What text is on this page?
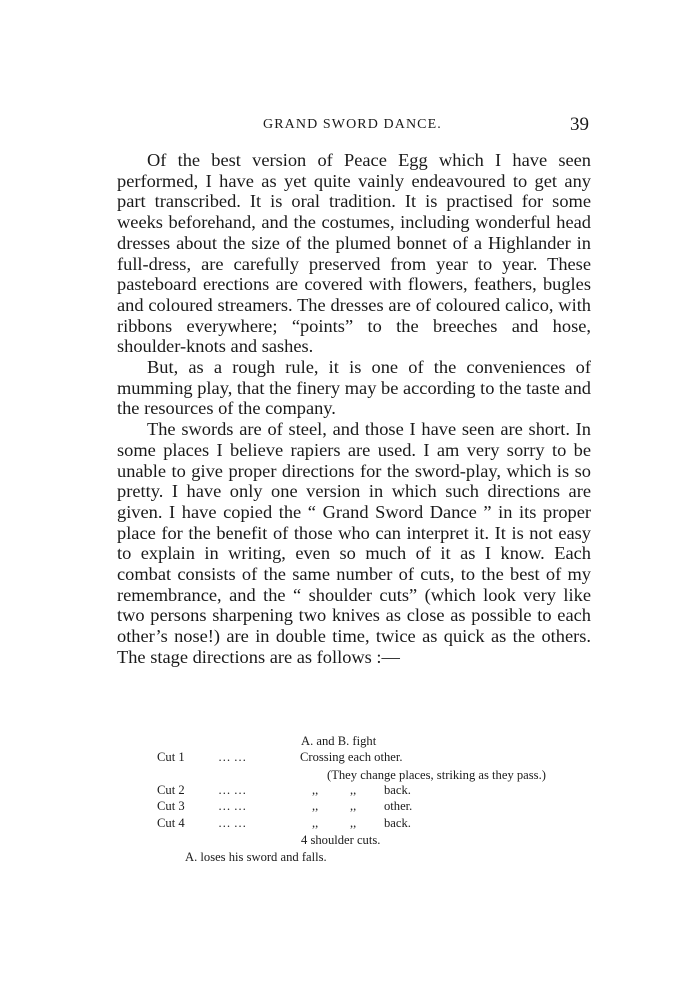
GRAND SWORD DANCE.	39

Of the best version of Peace Egg which I have seen performed, I have as yet quite vainly endeavoured to get any part transcribed. It is oral tradition. It is practised for some weeks beforehand, and the costumes, including wonderful head dresses about the size of the plumed bonnet of a Highlander in full-dress, are carefully preserved from year to year. These pasteboard erections are covered with flowers, feathers, bugles and coloured streamers. The dresses are of coloured calico, with ribbons everywhere; “points” to the breeches and hose, shoulder-knots and sashes.

But, as a rough rule, it is one of the conveniences of mumming play, that the finery may be according to the taste and the resources of the company.

The swords are of steel, and those I have seen are short. In some places I believe rapiers are used. I am very sorry to be unable to give proper directions for the sword-play, which is so pretty. I have only one version in which such directions are given. I have copied the “ Grand Sword Dance ” in its proper place for the benefit of those who can interpret it. It is not easy to explain in writing, even so much of it as I know. Each combat consists of the same number of cuts, to the best of my remembrance, and the “ shoulder cuts” (which look very like two persons sharpening two knives as close as possible to each other’s nose!) are in double time, twice as quick as the others. The stage directions are as follows :—

A. and B. fight
Cut 1	… …	Crossing each other.
(They change places, striking as they pass.)
Cut 2	… …	,,	,, back.
Cut 3	… …	,,	,, other.
Cut 4	… …	,,	,, back.
4 shoulder cuts.
A. loses his sword and falls.
